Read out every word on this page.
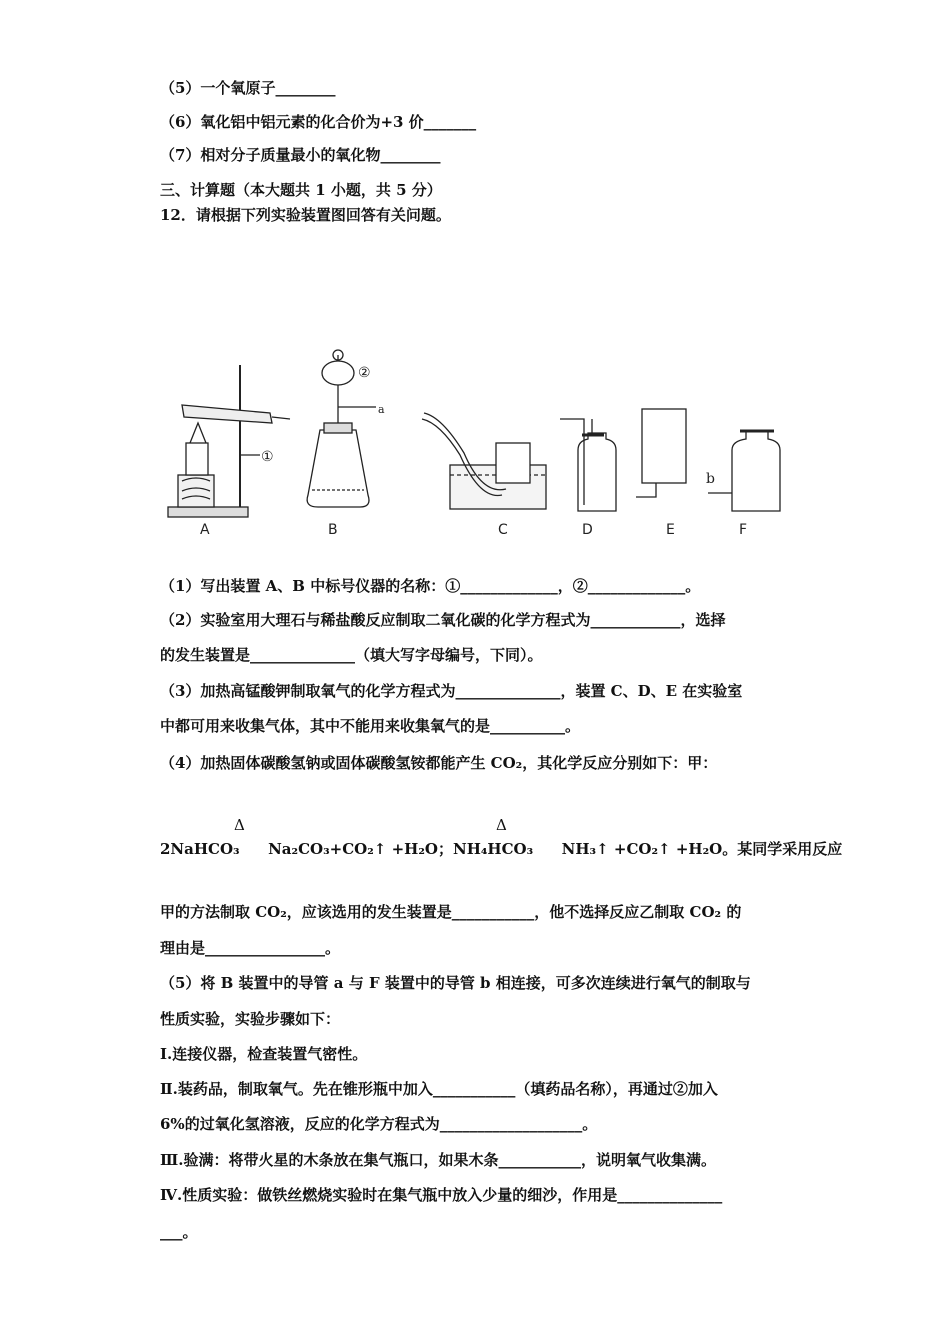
（5）一个氧原子________
（6）氧化铝中铝元素的化合价为+3 价_______
（7）相对分子质量最小的氧化物________
三、计算题（本大题共 1 小题，共 5 分）
12．请根据下列实验装置图回答有关问题。
①
a
②
b
A	B	C	D	E	F
（1）写出装置 A、B 中标号仪器的名称：①_____________，②_____________。
（2）实验室用大理石与稀盐酸反应制取二氧化碳的化学方程式为____________，选择
的发生装置是______________（填大写字母编号，下同）。
（3）加热高锰酸钾制取氧气的化学方程式为______________，装置 C、D、E 在实验室
中都可用来收集气体，其中不能用来收集氧气的是__________。
（4）加热固体碳酸氢钠或固体碳酸氢铵都能产生 CO₂，其化学反应分别如下：甲：
Δ	Δ
2NaHCO₃ Na₂CO₃+CO₂↑ +H₂O；NH₄HCO₃ NH₃↑ +CO₂↑ +H₂O。某同学采用反应
甲的方法制取 CO₂，应该选用的发生装置是___________，他不选择反应乙制取 CO₂ 的
理由是________________。
（5）将 B 装置中的导管 a 与 F 装置中的导管 b 相连接，可多次连续进行氧气的制取与
性质实验，实验步骤如下：
Ⅰ.连接仪器，检查装置气密性。
Ⅱ.装药品，制取氧气。先在锥形瓶中加入___________（填药品名称），再通过②加入
6%的过氧化氢溶液，反应的化学方程式为___________________。
Ⅲ.验满：将带火星的木条放在集气瓶口，如果木条___________，说明氧气收集满。
Ⅳ.性质实验：做铁丝燃烧实验时在集气瓶中放入少量的细沙，作用是______________
___。
